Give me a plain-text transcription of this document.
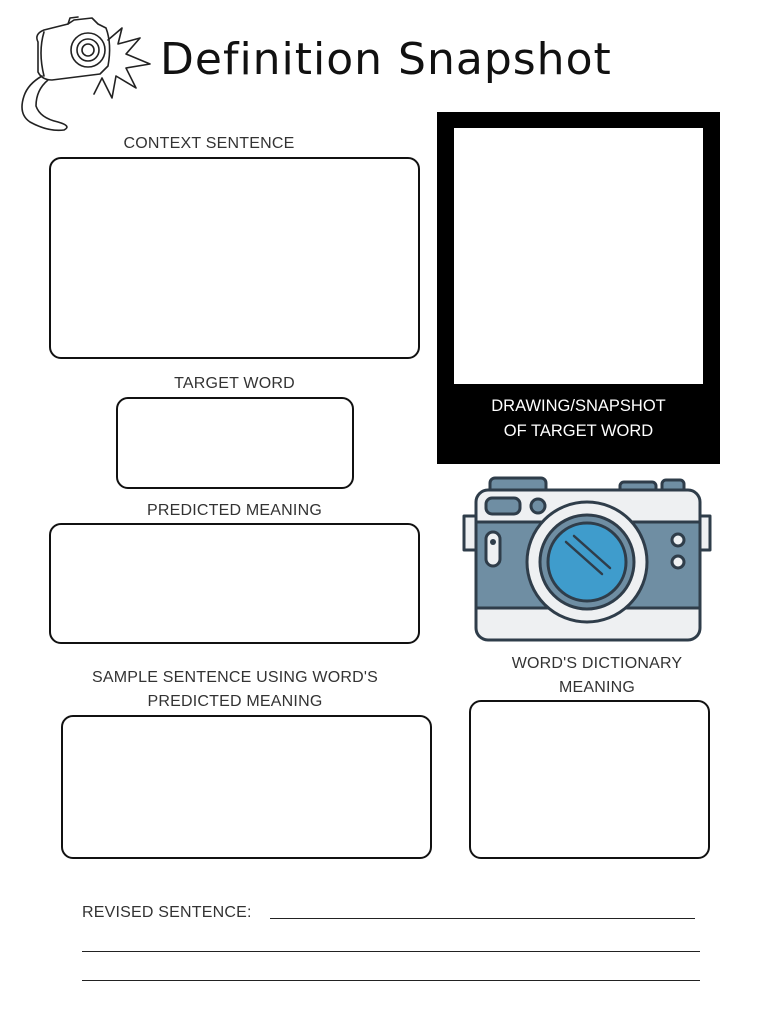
Definition Snapshot
CONTEXT SENTENCE
TARGET WORD
PREDICTED MEANING
SAMPLE SENTENCE USING WORD'S
PREDICTED MEANING
DRAWING/SNAPSHOT
OF TARGET WORD
WORD'S DICTIONARY
MEANING
REVISED SENTENCE:
